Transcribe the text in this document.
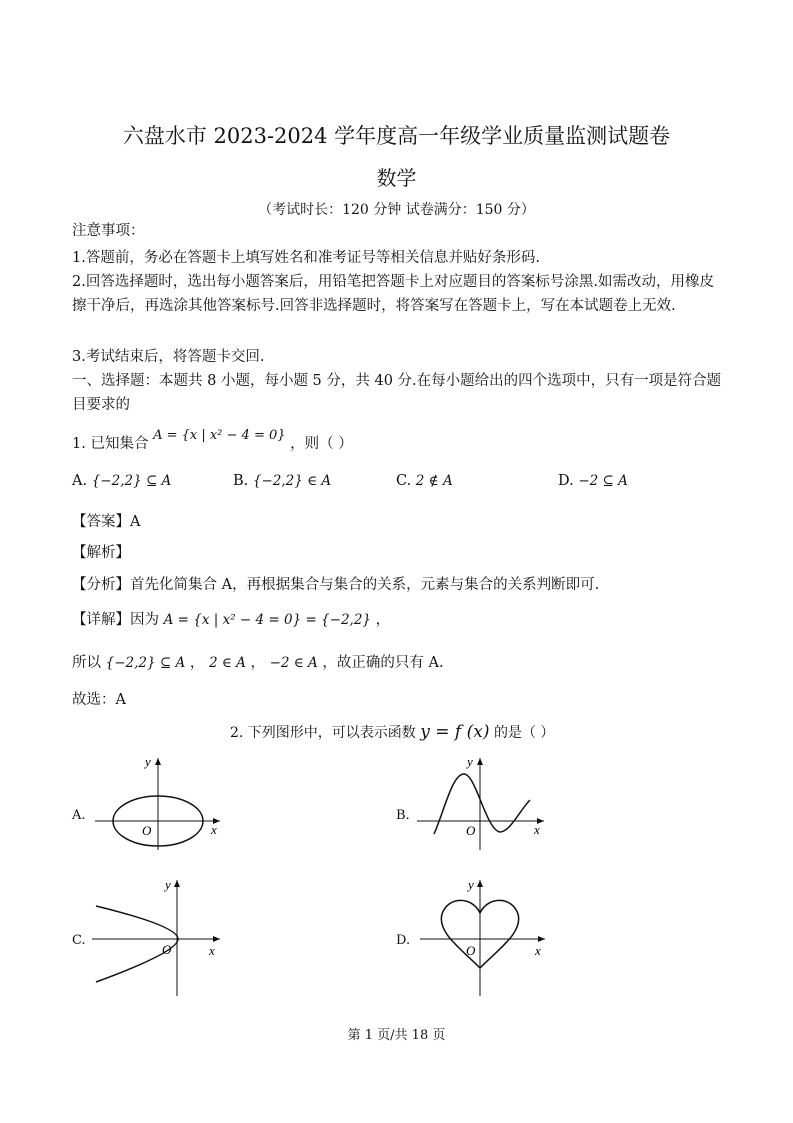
六盘水市 2023-2024 学年度高一年级学业质量监测试题卷
数学
（考试时长：120 分钟 试卷满分：150 分）
注意事项：
1.答题前，务必在答题卡上填写姓名和准考证号等相关信息并贴好条形码.
2.回答选择题时，选出每小题答案后，用铅笔把答题卡上对应题目的答案标号涂黑.如需改动，用橡皮擦干净后，再选涂其他答案标号.回答非选择题时，将答案写在答题卡上，写在本试题卷上无效.
3.考试结束后，将答题卡交回.
一、选择题：本题共 8 小题，每小题 5 分，共 40 分.在每小题给出的四个选项中，只有一项是符合题目要求的
1. 已知集合 A = {x | x² − 4 = 0} ，则（ ）
A. {−2,2} ⊆ A	B. {−2,2} ∈ A	C. 2 ∉ A	D. −2 ⊆ A
【答案】A
【解析】
【分析】首先化简集合 A，再根据集合与集合的关系，元素与集合的关系判断即可.
【详解】因为 A = {x | x² − 4 = 0} = {−2,2} ，
所以 {−2,2} ⊆ A ， 2 ∈ A ， −2 ∈ A ，故正确的只有 A.
故选：A
2. 下列图形中，可以表示函数 y = f (x) 的是（ ）
A.
x
y
O
B.
x
y
O
C.
x
y
O
D.
x
y
O
第 1 页/共 18 页
